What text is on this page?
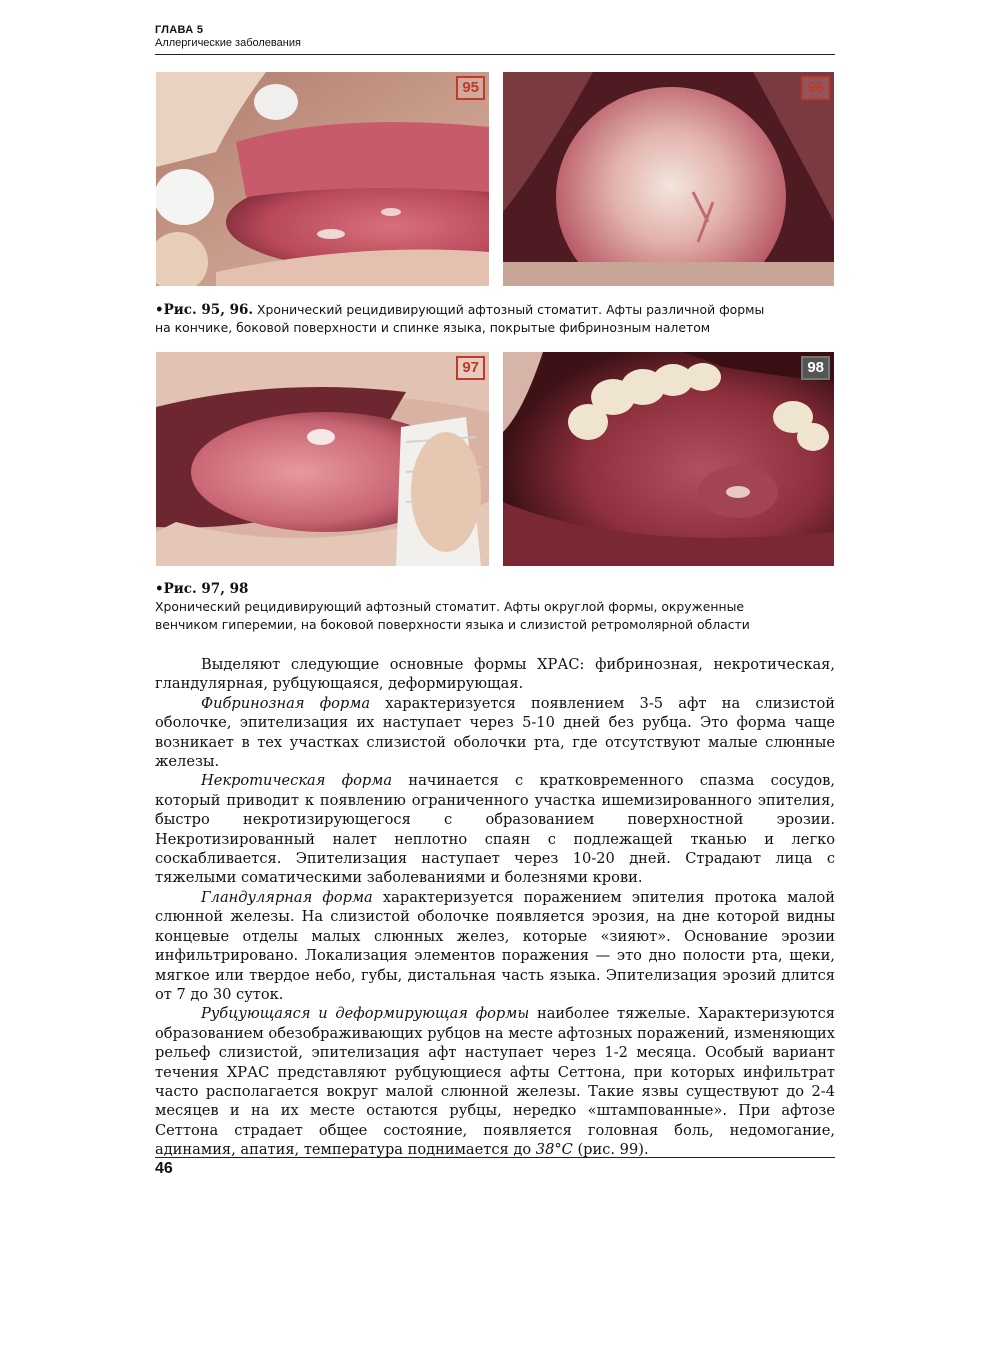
ГЛАВА 5
Аллергические заболевания
95	96
•Рис. 95, 96. Хронический рецидивирующий афтозный стоматит. Афты различной формы
на кончике, боковой поверхности и спинке языка, покрытые фибринозным налетом
97	98
•Рис. 97, 98
Хронический рецидивирующий афтозный стоматит. Афты округлой формы, окруженные
венчиком гиперемии, на боковой поверхности языка и слизистой ретромолярной области

Выделяют следующие основные формы ХРАС: фибринозная, некротическая, гландулярная, рубцующаяся, деформирующая.

Фибринозная форма характеризуется появлением 3-5 афт на слизистой оболочке, эпителизация их наступает через 5-10 дней без рубца. Это форма чаще возникает в тех участках слизистой оболочки рта, где отсутствуют малые слюнные железы.

Некротическая форма начинается с кратковременного спазма сосудов, который приводит к появлению ограниченного участка ишемизированного эпителия, быстро некротизирующегося с образованием поверхностной эрозии. Некротизированный налет неплотно спаян с подлежащей тканью и легко соскабливается. Эпителизация наступает через 10-20 дней. Страдают лица с тяжелыми соматическими заболеваниями и болезнями крови.

Гландулярная форма характеризуется поражением эпителия протока малой слюнной железы. На слизистой оболочке появляется эрозия, на дне которой видны концевые отделы малых слюнных желез, которые «зияют». Основание эрозии инфильтрировано. Локализация элементов поражения — это дно полости рта, щеки, мягкое или твердое небо, губы, дистальная часть языка. Эпителизация эрозий длится от 7 до 30 суток.

Рубцующаяся и деформирующая формы наиболее тяжелые. Характеризуются образованием обезображивающих рубцов на месте афтозных поражений, изменяющих рельеф слизистой, эпителизация афт наступает через 1-2 месяца. Особый вариант течения ХРАС представляют рубцующиеся афты Сеттона, при которых инфильтрат часто располагается вокруг малой слюнной железы. Такие язвы существуют до 2-4 месяцев и на их месте остаются рубцы, нередко «штампованные». При афтозе Сеттона страдает общее состояние, появляется головная боль, недомогание, адинамия, апатия, температура поднимается до 38°C (рис. 99).

46
